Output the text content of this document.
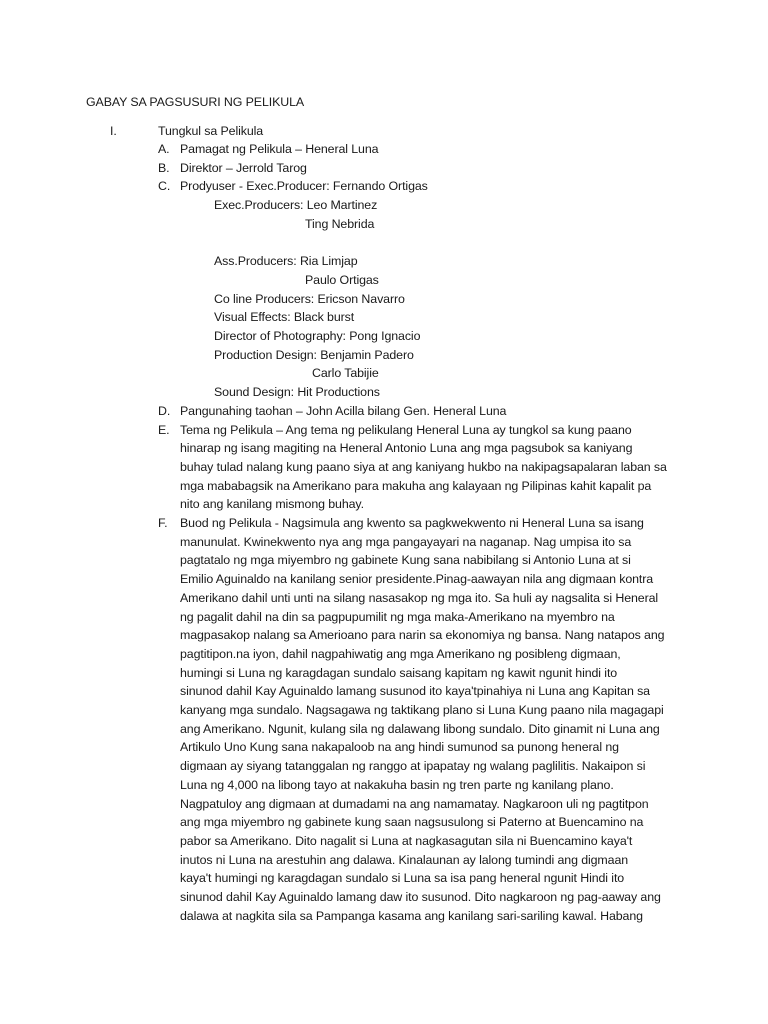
GABAY SA PAGSUSURI NG PELIKULA
I.	Tungkul sa Pelikula
A. Pamagat ng Pelikula – Heneral Luna
B. Direktor – Jerrold Tarog
C. Prodyuser - Exec.Producer: Fernando Ortigas
Exec.Producers: Leo Martinez
Ting Nebrida
Ass.Producers: Ria Limjap
Paulo Ortigas
Co line Producers: Ericson Navarro
Visual Effects: Black burst
Director of Photography: Pong Ignacio
Production Design: Benjamin Padero
Carlo Tabijie
Sound Design: Hit Productions
D. Pangunahing taohan – John Acilla bilang Gen. Heneral Luna
E. Tema ng Pelikula – Ang tema ng pelikulang Heneral Luna ay tungkol sa kung paano
hinarap ng isang magiting na Heneral Antonio Luna ang mga pagsubok sa kaniyang
buhay tulad nalang kung paano siya at ang kaniyang hukbo na nakipagsapalaran laban sa
mga mababagsik na Amerikano para makuha ang kalayaan ng Pilipinas kahit kapalit pa
nito ang kanilang mismong buhay.
F. Buod ng Pelikula - Nagsimula ang kwento sa pagkwekwento ni Heneral Luna sa isang
manunulat. Kwinekwento nya ang mga pangayayari na naganap. Nag umpisa ito sa
pagtatalo ng mga miyembro ng gabinete Kung sana nabibilang si Antonio Luna at si
Emilio Aguinaldo na kanilang senior presidente.Pinag-aawayan nila ang digmaan kontra
Amerikano dahil unti unti na silang nasasakop ng mga ito. Sa huli ay nagsalita si Heneral
ng pagalit dahil na din sa pagpupumilit ng mga maka-Amerikano na myembro na
magpasakop nalang sa Amerioano para narin sa ekonomiya ng bansa. Nang natapos ang
pagtitipon.na iyon, dahil nagpahiwatig ang mga Amerikano ng posibleng digmaan,
humingi si Luna ng karagdagan sundalo saisang kapitam ng kawit ngunit hindi ito
sinunod dahil Kay Aguinaldo lamang susunod ito kaya'tpinahiya ni Luna ang Kapitan sa
kanyang mga sundalo. Nagsagawa ng taktikang plano si Luna Kung paano nila magagapi
ang Amerikano. Ngunit, kulang sila ng dalawang libong sundalo. Dito ginamit ni Luna ang
Artikulo Uno Kung sana nakapaloob na ang hindi sumunod sa punong heneral ng
digmaan ay siyang tatanggalan ng ranggo at ipapatay ng walang paglilitis. Nakaipon si
Luna ng 4,000 na libong tayo at nakakuha basin ng tren parte ng kanilang plano.
Nagpatuloy ang digmaan at dumadami na ang namamatay. Nagkaroon uli ng pagtitpon
ang mga miyembro ng gabinete kung saan nagsusulong si Paterno at Buencamino na
pabor sa Amerikano. Dito nagalit si Luna at nagkasagutan sila ni Buencamino kaya't
inutos ni Luna na arestuhin ang dalawa. Kinalaunan ay lalong tumindi ang digmaan
kaya't humingi ng karagdagan sundalo si Luna sa isa pang heneral ngunit Hindi ito
sinunod dahil Kay Aguinaldo lamang daw ito susunod. Dito nagkaroon ng pag-aaway ang
dalawa at nagkita sila sa Pampanga kasama ang kanilang sari-sariling kawal. Habang
